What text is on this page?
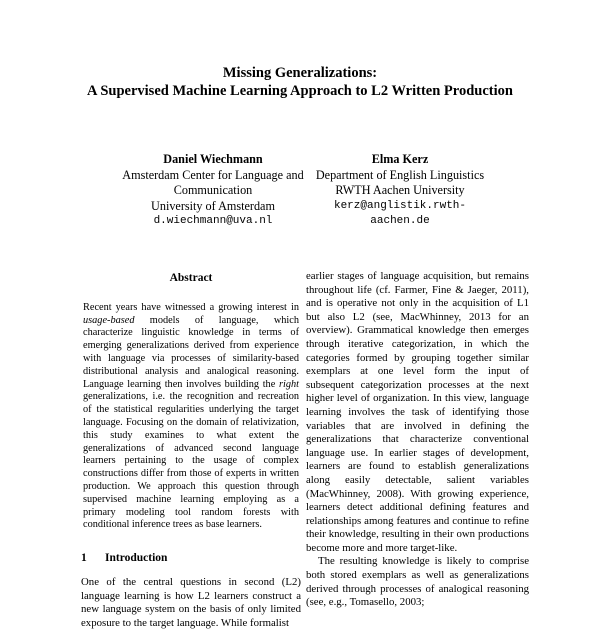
Missing Generalizations:
A Supervised Machine Learning Approach to L2 Written Production
Daniel Wiechmann
Amsterdam Center for Language and
Communication
University of Amsterdam
d.wiechmann@uva.nl
Elma Kerz
Department of English Linguistics
RWTH Aachen University
kerz@anglistik.rwth-
aachen.de
Abstract

Recent years have witnessed a growing interest in usage-based models of language, which characterize linguistic knowledge in terms of emerging generalizations derived from experience with language via processes of similarity-based distributional analysis and analogical reasoning. Language learning then involves building the right generalizations, i.e. the recognition and recreation of the statistical regularities underlying the target language. Focusing on the domain of relativization, this study examines to what extent the generalizations of advanced second language learners pertaining to the usage of complex constructions differ from those of experts in written production. We approach this question through supervised machine learning employing as a primary modeling tool random forests with conditional inference trees as base learners.

1 Introduction

One of the central questions in second (L2) language learning is how L2 learners construct a new language system on the basis of only limited exposure to the target language. While formalist

earlier stages of language acquisition, but remains throughout life (cf. Farmer, Fine & Jaeger, 2011), and is operative not only in the acquisition of L1 but also L2 (see, MacWhinney, 2013 for an overview). Grammatical knowledge then emerges through iterative categorization, in which the categories formed by grouping together similar exemplars at one level form the input of subsequent categorization processes at the next higher level of organization. In this view, language learning involves the task of identifying those variables that are involved in defining the generalizations that characterize conventional language use. In earlier stages of development, learners are found to establish generalizations along easily detectable, salient variables (MacWhinney, 2008). With growing experience, learners detect additional defining features and relationships among features and continue to refine their knowledge, resulting in their own productions become more and more target-like.

The resulting knowledge is likely to comprise both stored exemplars as well as generalizations derived through processes of analogical reasoning (see, e.g., Tomasello, 2003;
